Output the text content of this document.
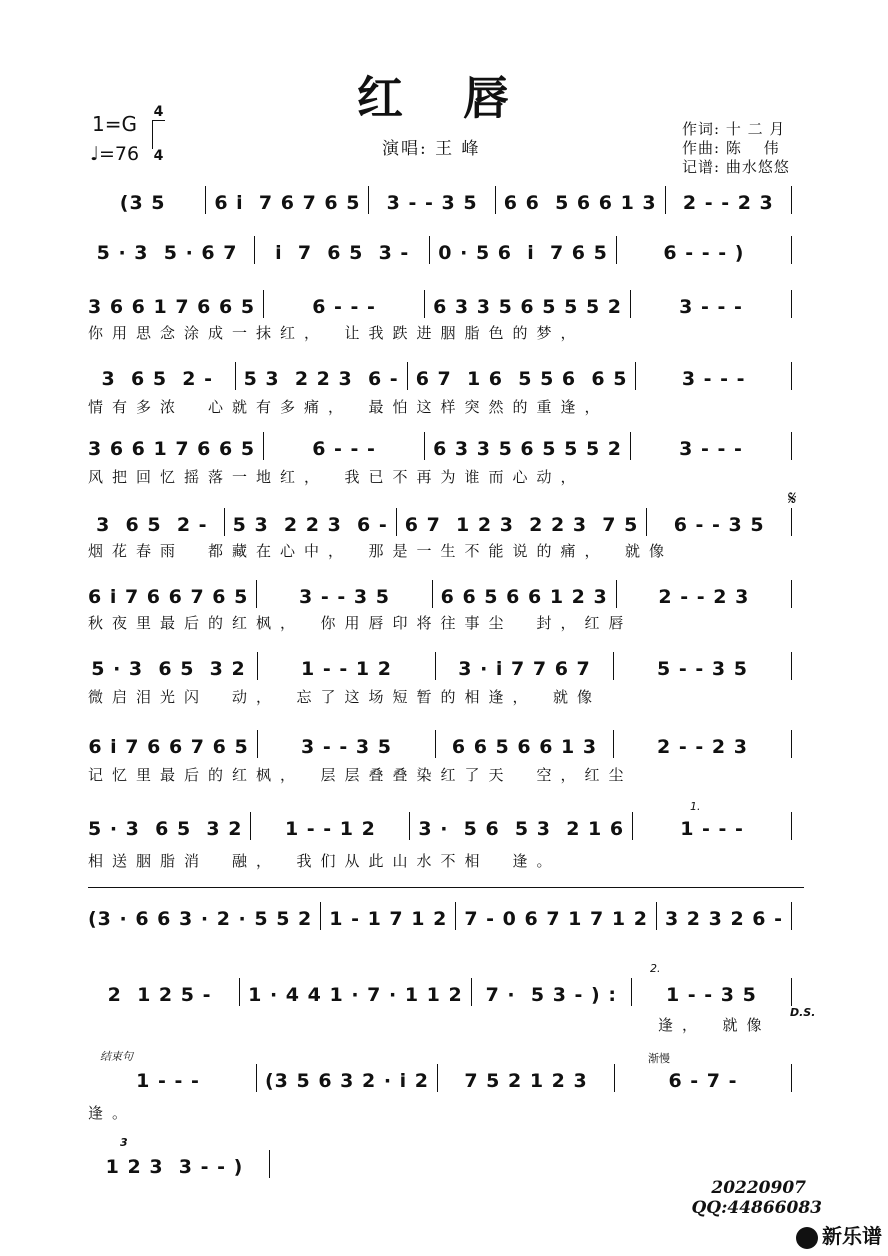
红 唇
演唱: 王 峰
1=G 4
4
♩=76
作词: 十 二 月
作曲: 陈　 伟
记谱: 曲水悠悠
(3 5	6 i  7 6 7 6 5	3 - - 3 5	6 6  5 6 6 1 3	2 - - 2 3
5 · 3  5 · 6 7	i  7  6 5  3 -	0 · 5 6  i  7 6 5	6 - - - )
3 6 6 1 7 6 6 5	6 - - -	6 3 3 5 6 5 5 5 2	3 - - -
3  6 5  2 -	5 3  2 2 3  6 - 6 7  1 6  5 5 6  6 5	3 - - -
3 6 6 1 7 6 6 5	6 - - -	6 3 3 5 6 5 5 5 2	3 - - -
3  6 5  2 -	5 3  2 2 3  6 - 6 7  1 2 3  2 2 3  7 5	6 - - 3 5
6 i 7 6 6 7 6 5	3 - - 3 5	6 6 5 6 6 1 2 3	2 - - 2 3
5 · 3  6 5  3 2	1 - - 1 2	3 · i 7 7 6 7	5 - - 3 5
6 i 7 6 6 7 6 5	3 - - 3 5	6 6 5 6 6 1 3	2 - - 2 3
5 · 3  6 5  3 2	1 - - 1 2	3 ·  5 6  5 3  2 1 6	1 - - -
(3 · 6 6 3 · 2 · 5 5 2 1 - 1 7 1 2 7 - 0 6 7 1 7 1 2 3 2 3 2 6 -
2  1 2 5 -	1 · 4 4 1 · 7 · 1 1 2	7 ·  5 3 - ) :	1 - - 3 5
1 - - -	(3 5 6 3 2 · i 2	7 5 2 1 2 3	6 - 7 -
1 2 3  3 - - )
你用思念涂成一抹红，　让我跌进胭脂色的梦，
情有多浓　心就有多痛，　最怕这样突然的重逢，
风把回忆摇落一地红，　我已不再为谁而心动，
烟花春雨　都藏在心中，　那是一生不能说的痛，　就像
秋夜里最后的红枫，　你用唇印将往事尘　封，红唇
微启泪光闪　动，　忘了这场短暂的相逢，　就像
记忆里最后的红枫，　层层叠叠染红了天　空，红尘
相送胭脂消　融，　我们从此山水不相　逢。
逢，　就像
逢。
𝄋
1.
2.
D.S.
结束句	渐慢
3
20220907
QQ:44866083
新乐谱
